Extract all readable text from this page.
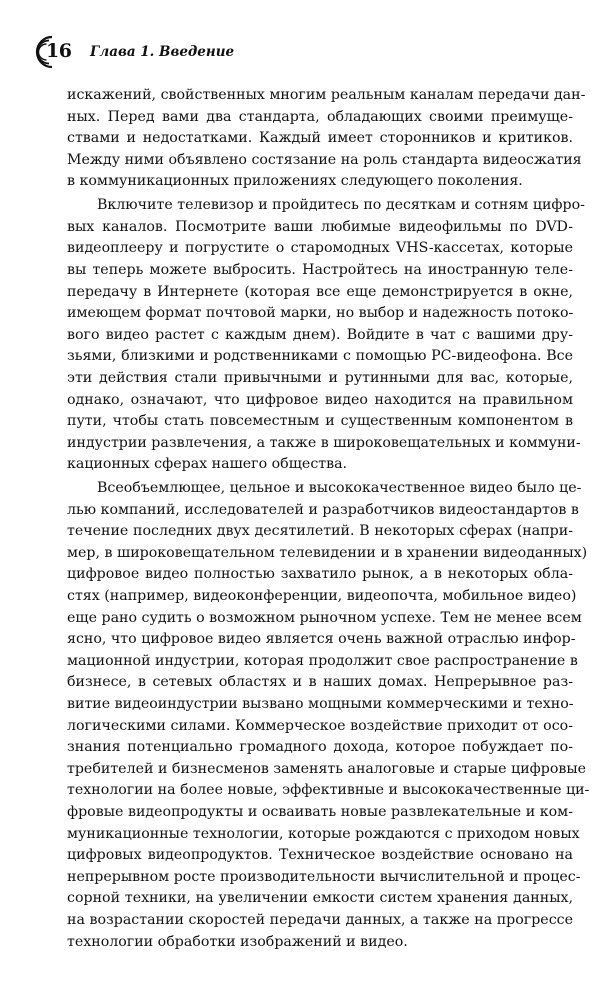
16 Глава 1. Введение
искажений, свойственных многим реальным каналам передачи дан-
ных. Перед вами два стандарта, обладающих своими преимуще-
ствами и недостатками. Каждый имеет сторонников и критиков.
Между ними объявлено состязание на роль стандарта видеосжатия
в коммуникационных приложениях следующего поколения.
Включите телевизор и пройдитесь по десяткам и сотням цифро-
вых каналов. Посмотрите ваши любимые видеофильмы по DVD-
видеоплееру и погрустите о старомодных VHS-кассетах, которые
вы теперь можете выбросить. Настройтесь на иностранную теле-
передачу в Интернете (которая все еще демонстрируется в окне,
имеющем формат почтовой марки, но выбор и надежность потоко-
вого видео растет с каждым днем). Войдите в чат с вашими дру-
зьями, близкими и родственниками с помощью PC-видеофона. Все
эти действия стали привычными и рутинными для вас, которые,
однако, означают, что цифровое видео находится на правильном
пути, чтобы стать повсеместным и существенным компонентом в
индустрии развлечения, а также в широковещательных и коммуни-
кационных сферах нашего общества.
Всеобъемлющее, цельное и высококачественное видео было це-
лью компаний, исследователей и разработчиков видеостандартов в
течение последних двух десятилетий. В некоторых сферах (напри-
мер, в широковещательном телевидении и в хранении видеоданных)
цифровое видео полностью захватило рынок, а в некоторых обла-
стях (например, видеоконференции, видеопочта, мобильное видео)
еще рано судить о возможном рыночном успехе. Тем не менее всем
ясно, что цифровое видео является очень важной отраслью инфор-
мационной индустрии, которая продолжит свое распространение в
бизнесе, в сетевых областях и в наших домах. Непрерывное раз-
витие видеоиндустрии вызвано мощными коммерческими и техно-
логическими силами. Коммерческое воздействие приходит от осо-
знания потенциально громадного дохода, которое побуждает по-
требителей и бизнесменов заменять аналоговые и старые цифровые
технологии на более новые, эффективные и высококачественные ци-
фровые видеопродукты и осваивать новые развлекательные и ком-
муникационные технологии, которые рождаются с приходом новых
цифровых видеопродуктов. Техническое воздействие основано на
непрерывном росте производительности вычислительной и процес-
сорной техники, на увеличении емкости систем хранения данных,
на возрастании скоростей передачи данных, а также на прогрессе
технологии обработки изображений и видео.
